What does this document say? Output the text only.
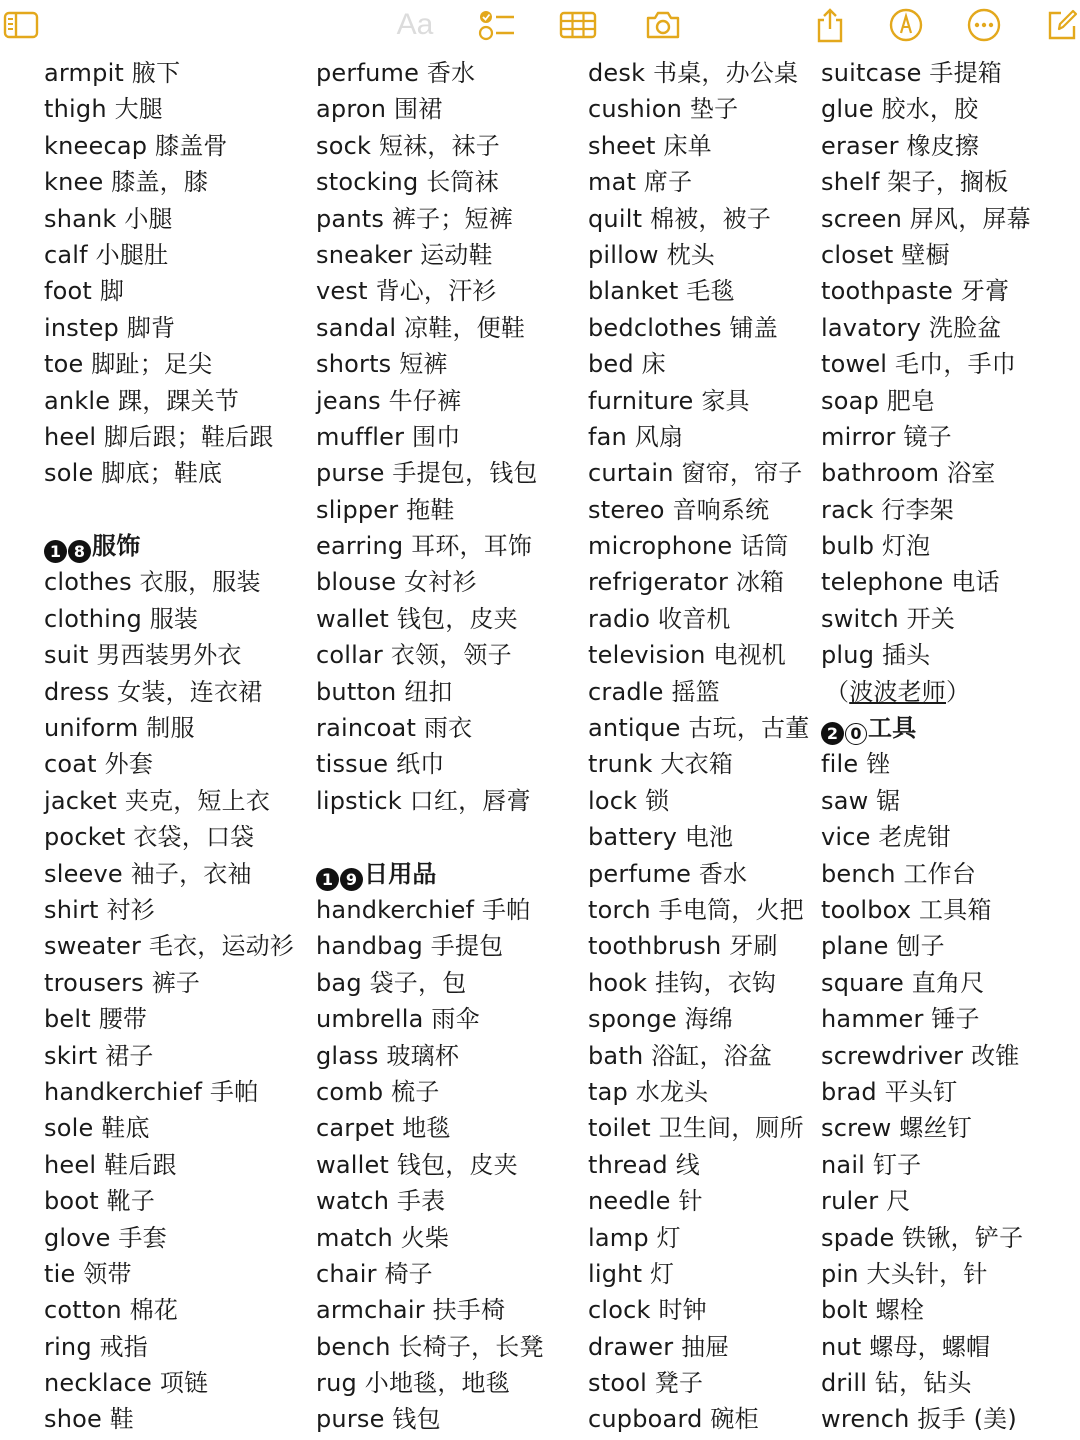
Aa
armpit 腋下
thigh 大腿
kneecap 膝盖骨
knee 膝盖，膝
shank 小腿
calf 小腿肚
foot 脚
instep 脚背
toe 脚趾；足尖
ankle 踝，踝关节
heel 脚后跟；鞋后跟
sole 脚底；鞋底
1 8 服饰
clothes 衣服，服装
clothing 服装
suit 男西装男外衣
dress 女装，连衣裙
uniform 制服
coat 外套
jacket 夹克，短上衣
pocket 衣袋，口袋
sleeve 袖子，衣袖
shirt 衬衫
sweater 毛衣，运动衫
trousers 裤子
belt 腰带
skirt 裙子
handkerchief 手帕
sole 鞋底
heel 鞋后跟
boot 靴子
glove 手套
tie 领带
cotton 棉花
ring 戒指
necklace 项链
shoe 鞋
perfume 香水
apron 围裙
sock 短袜，袜子
stocking 长筒袜
pants 裤子；短裤
sneaker 运动鞋
vest 背心，汗衫
sandal 凉鞋，便鞋
shorts 短裤
jeans 牛仔裤
muffler 围巾
purse 手提包，钱包
slipper 拖鞋
earring 耳环，耳饰
blouse 女衬衫
wallet 钱包，皮夹
collar 衣领，领子
button 纽扣
raincoat 雨衣
tissue 纸巾
lipstick 口红，唇膏
1 9 日用品
handkerchief 手帕
handbag 手提包
bag 袋子，包
umbrella 雨伞
glass 玻璃杯
comb 梳子
carpet 地毯
wallet 钱包，皮夹
watch 手表
match 火柴
chair 椅子
armchair 扶手椅
bench 长椅子，长凳
rug 小地毯，地毯
purse 钱包
desk 书桌，办公桌
cushion 垫子
sheet 床单
mat 席子
quilt 棉被，被子
pillow 枕头
blanket 毛毯
bedclothes 铺盖
bed 床
furniture 家具
fan 风扇
curtain 窗帘，帘子
stereo 音响系统
microphone 话筒
refrigerator 冰箱
radio 收音机
television 电视机
cradle 摇篮
antique 古玩，古董
trunk 大衣箱
lock 锁
battery 电池
perfume 香水
torch 手电筒，火把
toothbrush 牙刷
hook 挂钩，衣钩
sponge 海绵
bath 浴缸，浴盆
tap 水龙头
toilet 卫生间，厕所
thread 线
needle 针
lamp 灯
light 灯
clock 时钟
drawer 抽屉
stool 凳子
cupboard 碗柜
suitcase 手提箱
glue 胶水，胶
eraser 橡皮擦
shelf 架子，搁板
screen 屏风，屏幕
closet 壁橱
toothpaste 牙膏
lavatory 洗脸盆
towel 毛巾，手巾
soap 肥皂
mirror 镜子
bathroom 浴室
rack 行李架
bulb 灯泡
telephone 电话
switch 开关
plug 插头
（波波老师）
2 0 工具
file 锉
saw 锯
vice 老虎钳
bench 工作台
toolbox 工具箱
plane 刨子
square 直角尺
hammer 锤子
screwdriver 改锥
brad 平头钉
screw 螺丝钉
nail 钉子
ruler 尺
spade 铁锹，铲子
pin 大头针，针
bolt 螺栓
nut 螺母，螺帽
drill 钻，钻头
wrench 扳手 (美)
